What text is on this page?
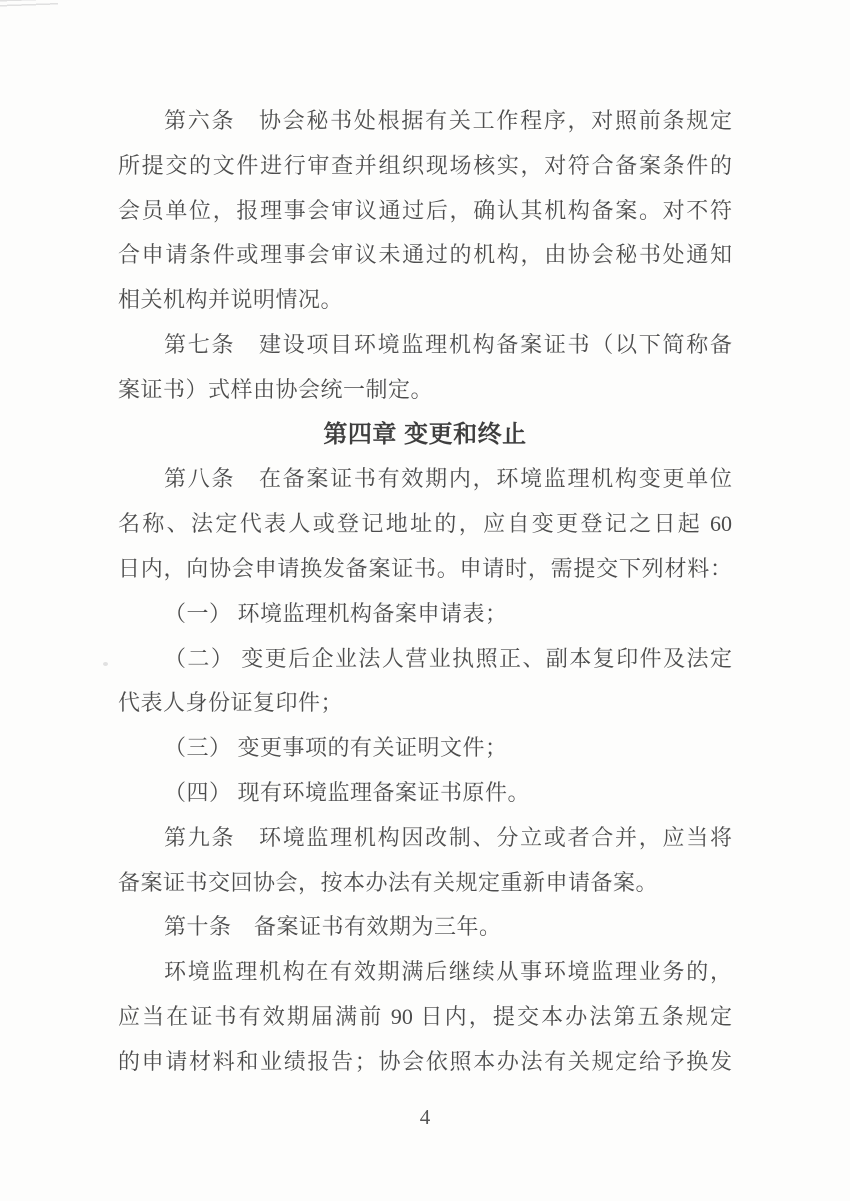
第六条　协会秘书处根据有关工作程序，对照前条规定
所提交的文件进行审查并组织现场核实，对符合备案条件的
会员单位，报理事会审议通过后，确认其机构备案。对不符
合申请条件或理事会审议未通过的机构，由协会秘书处通知
相关机构并说明情况。
第七条　建设项目环境监理机构备案证书（以下简称备
案证书）式样由协会统一制定。
第四章 变更和终止
第八条　在备案证书有效期内，环境监理机构变更单位
名称、法定代表人或登记地址的，应自变更登记之日起 60
日内，向协会申请换发备案证书。申请时，需提交下列材料：
（一） 环境监理机构备案申请表；
（二） 变更后企业法人营业执照正、副本复印件及法定
代表人身份证复印件；
（三） 变更事项的有关证明文件；
（四） 现有环境监理备案证书原件。
第九条　环境监理机构因改制、分立或者合并，应当将
备案证书交回协会，按本办法有关规定重新申请备案。
第十条　备案证书有效期为三年。
环境监理机构在有效期满后继续从事环境监理业务的，
应当在证书有效期届满前 90 日内，提交本办法第五条规定
的申请材料和业绩报告；协会依照本办法有关规定给予换发
4
